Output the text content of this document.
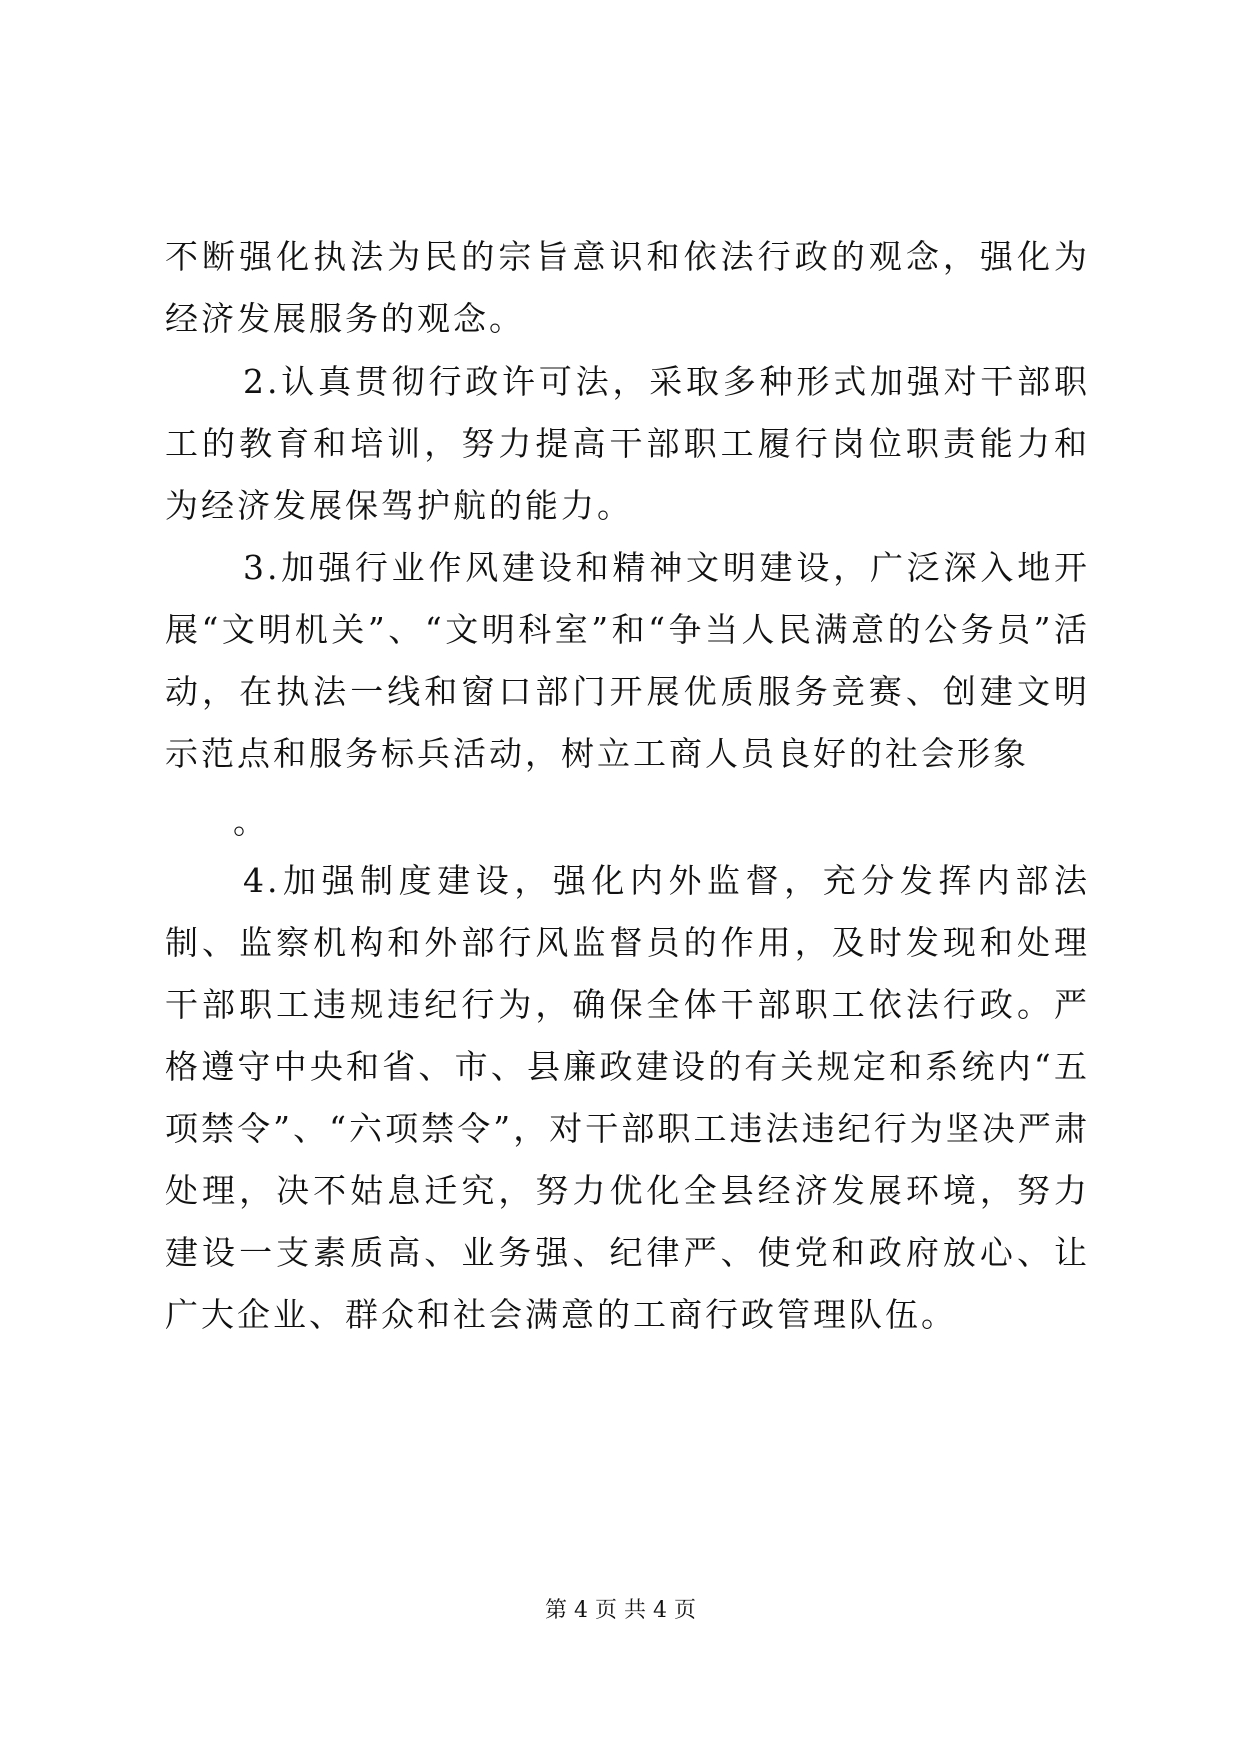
不断强化执法为民的宗旨意识和依法行政的观念，强化为经济发展服务的观念。

2.认真贯彻行政许可法，采取多种形式加强对干部职工的教育和培训，努力提高干部职工履行岗位职责能力和为经济发展保驾护航的能力。

3.加强行业作风建设和精神文明建设，广泛深入地开展“文明机关”、“文明科室”和“争当人民满意的公务员”活动，在执法一线和窗口部门开展优质服务竞赛、创建文明示范点和服务标兵活动，树立工商人员良好的社会形象

。

4.加强制度建设，强化内外监督，充分发挥内部法制、监察机构和外部行风监督员的作用，及时发现和处理干部职工违规违纪行为，确保全体干部职工依法行政。严格遵守中央和省、市、县廉政建设的有关规定和系统内“五项禁令”、“六项禁令”，对干部职工违法违纪行为坚决严肃处理，决不姑息迁究，努力优化全县经济发展环境，努力建设一支素质高、业务强、纪律严、使党和政府放心、让广大企业、群众和社会满意的工商行政管理队伍。

第 4 页 共 4 页
